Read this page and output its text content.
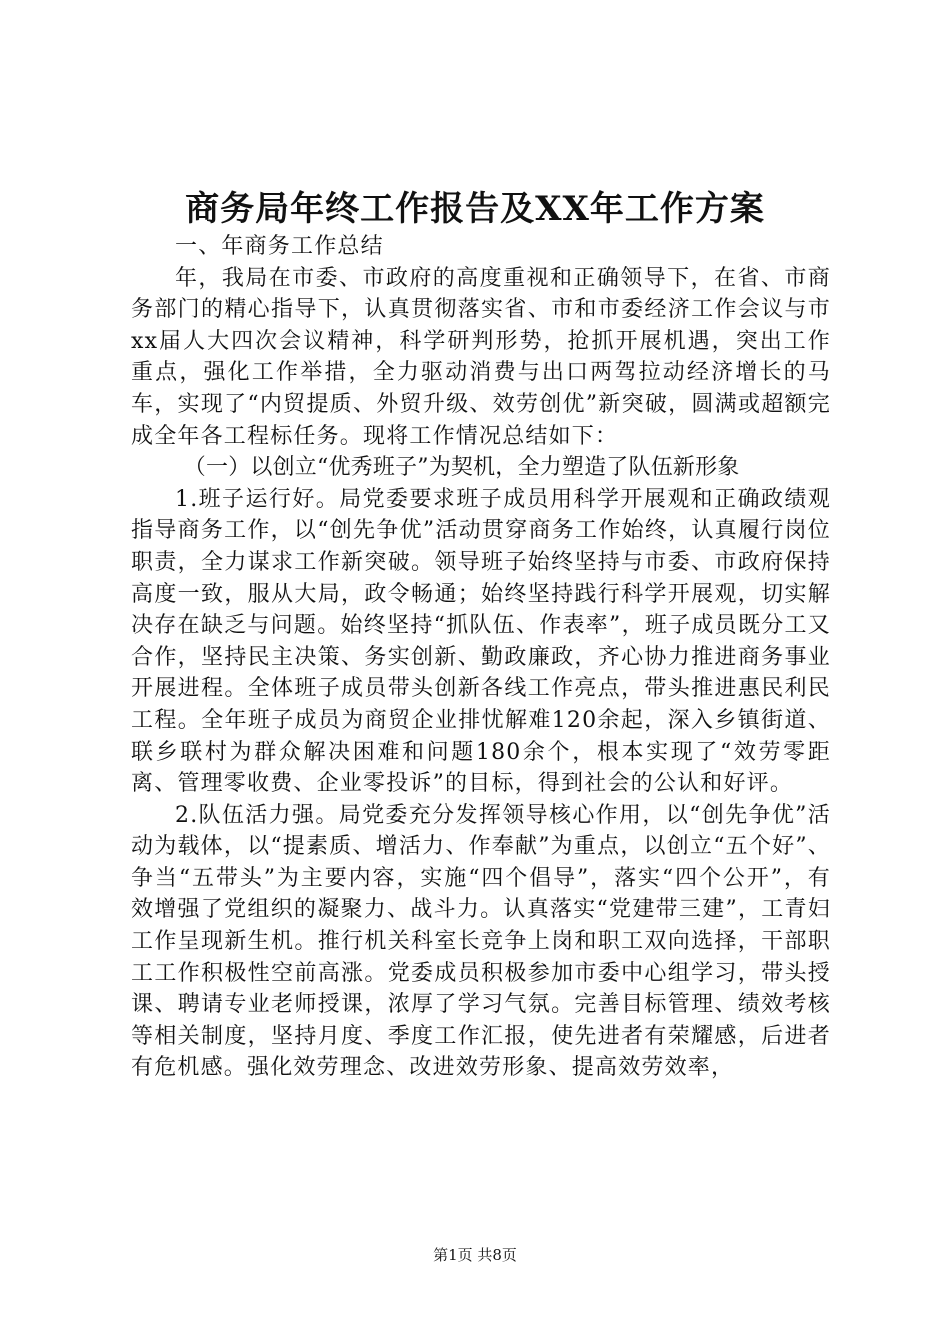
商务局年终工作报告及XX年工作方案

一、年商务工作总结

年，我局在市委、市政府的高度重视和正确领导下，在省、市商务部门的精心指导下，认真贯彻落实省、市和市委经济工作会议与市xx届人大四次会议精神，科学研判形势，抢抓开展机遇，突出工作重点，强化工作举措，全力驱动消费与出口两驾拉动经济增长的马车，实现了“内贸提质、外贸升级、效劳创优”新突破，圆满或超额完成全年各工程标任务。现将工作情况总结如下：

（一）以创立“优秀班子”为契机，全力塑造了队伍新形象

1.班子运行好。局党委要求班子成员用科学开展观和正确政绩观指导商务工作，以“创先争优”活动贯穿商务工作始终，认真履行岗位职责，全力谋求工作新突破。领导班子始终坚持与市委、市政府保持高度一致，服从大局，政令畅通；始终坚持践行科学开展观，切实解决存在缺乏与问题。始终坚持“抓队伍、作表率”，班子成员既分工又合作，坚持民主决策、务实创新、勤政廉政，齐心协力推进商务事业开展进程。全体班子成员带头创新各线工作亮点，带头推进惠民利民工程。全年班子成员为商贸企业排忧解难120余起，深入乡镇街道、联乡联村为群众解决困难和问题180余个，根本实现了“效劳零距离、管理零收费、企业零投诉”的目标，得到社会的公认和好评。

2.队伍活力强。局党委充分发挥领导核心作用，以“创先争优”活动为载体，以“提素质、增活力、作奉献”为重点，以创立“五个好”、争当“五带头”为主要内容，实施“四个倡导”，落实“四个公开”，有效增强了党组织的凝聚力、战斗力。认真落实“党建带三建”，工青妇工作呈现新生机。推行机关科室长竞争上岗和职工双向选择，干部职工工作积极性空前高涨。党委成员积极参加市委中心组学习，带头授课、聘请专业老师授课，浓厚了学习气氛。完善目标管理、绩效考核等相关制度，坚持月度、季度工作汇报，使先进者有荣耀感，后进者有危机感。强化效劳理念、改进效劳形象、提高效劳效率，

第1页 共8页
